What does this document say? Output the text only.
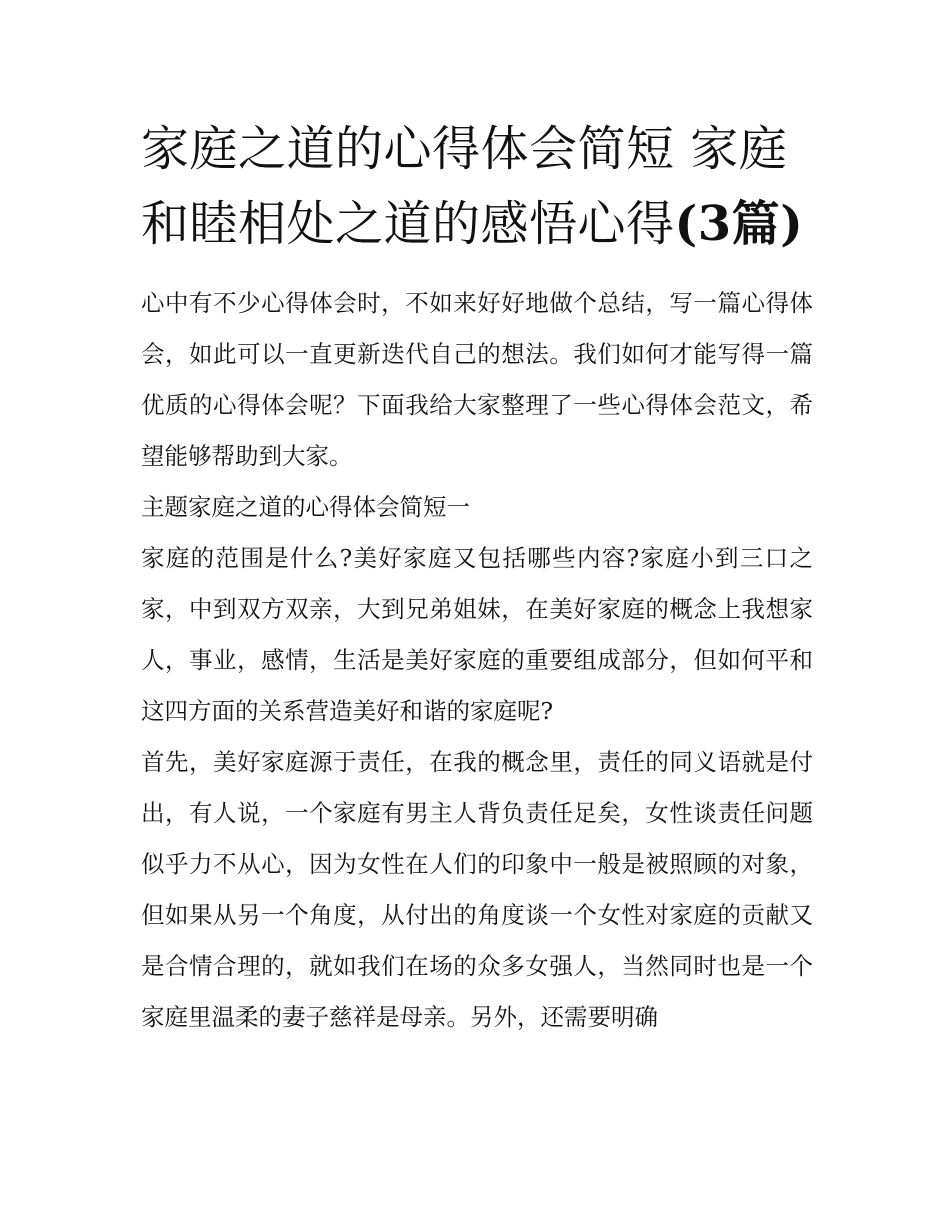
家庭之道的心得体会简短 家庭和睦相处之道的感悟心得(3篇)

心中有不少心得体会时，不如来好好地做个总结，写一篇心得体会，如此可以一直更新迭代自己的想法。我们如何才能写得一篇优质的心得体会呢？下面我给大家整理了一些心得体会范文，希望能够帮助到大家。

主题家庭之道的心得体会简短一

家庭的范围是什么?美好家庭又包括哪些内容?家庭小到三口之家，中到双方双亲，大到兄弟姐妹，在美好家庭的概念上我想家人，事业，感情，生活是美好家庭的重要组成部分，但如何平和这四方面的关系营造美好和谐的家庭呢?

首先，美好家庭源于责任，在我的概念里，责任的同义语就是付出，有人说，一个家庭有男主人背负责任足矣，女性谈责任问题似乎力不从心，因为女性在人们的印象中一般是被照顾的对象，但如果从另一个角度，从付出的角度谈一个女性对家庭的贡献又是合情合理的，就如我们在场的众多女强人，当然同时也是一个家庭里温柔的妻子慈祥是母亲。另外，还需要明确
